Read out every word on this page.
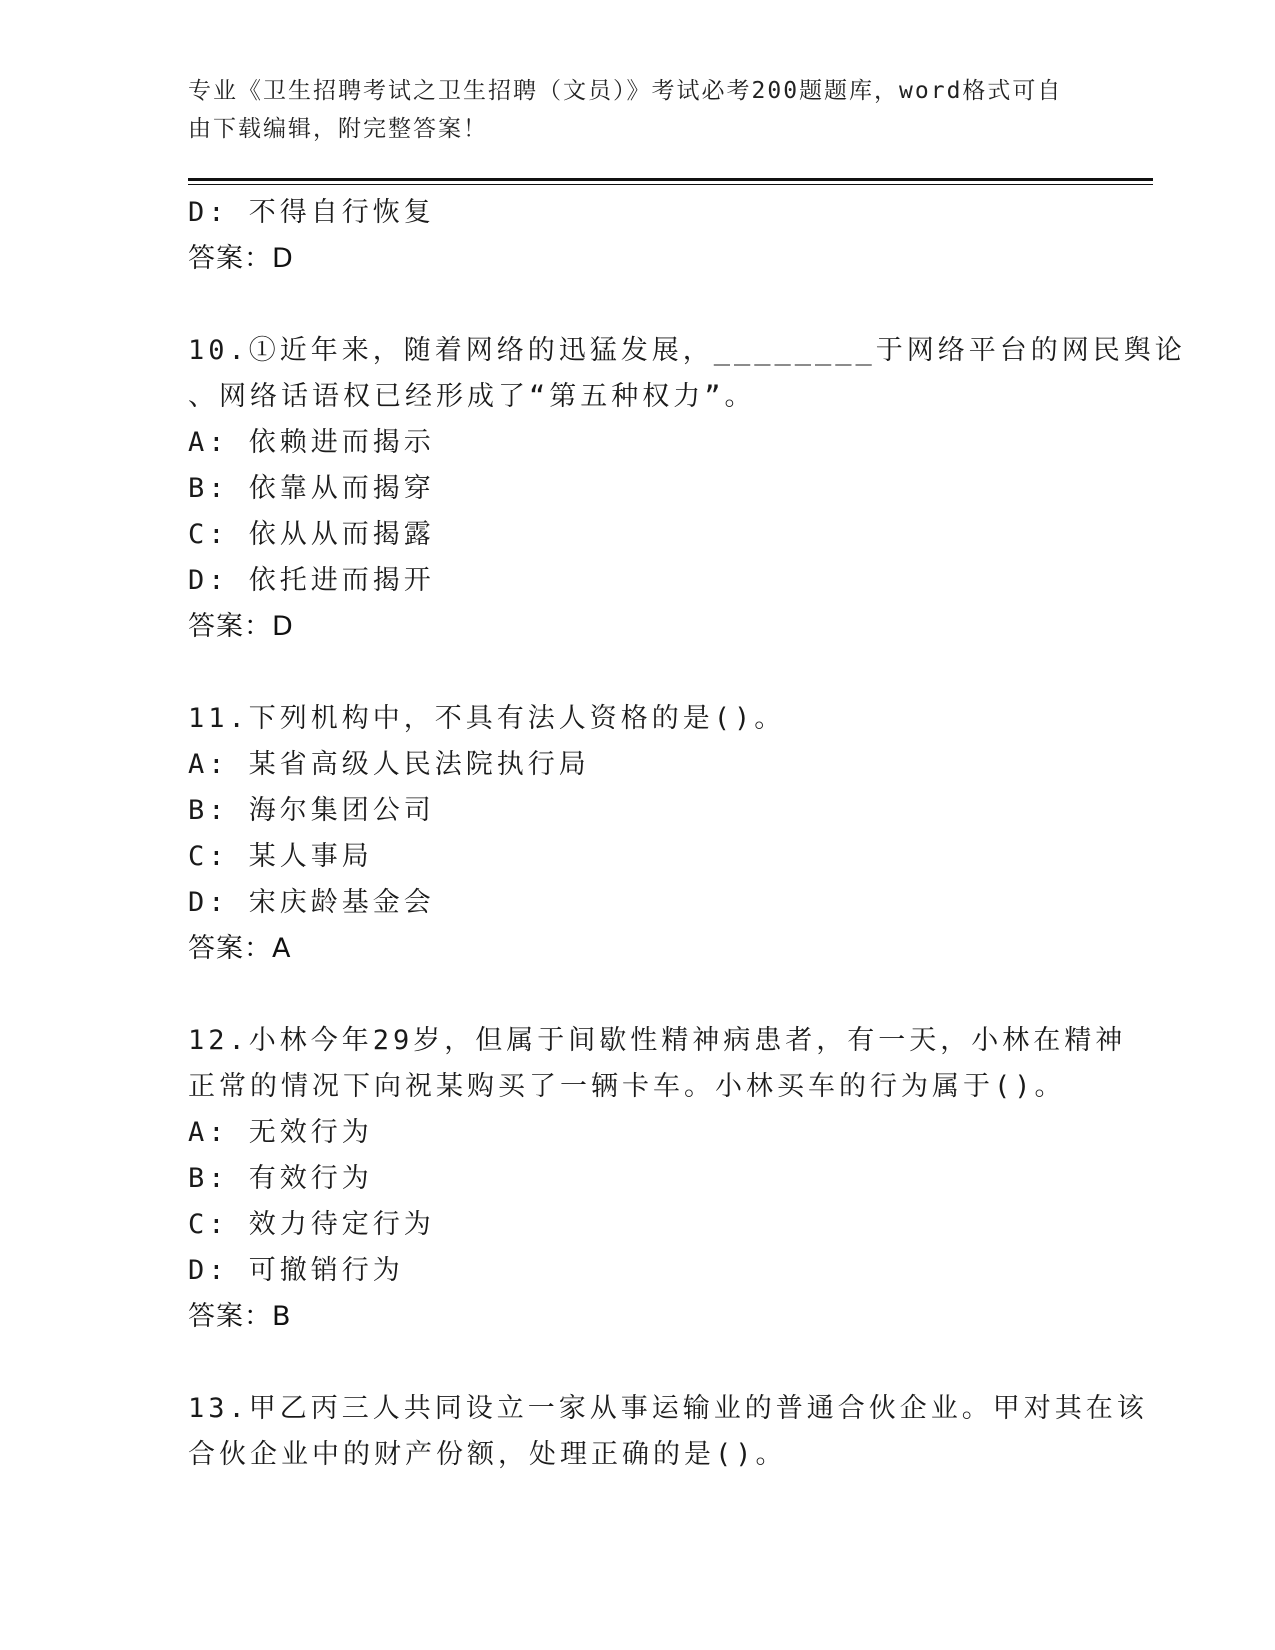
专业《卫生招聘考试之卫生招聘（文员）》考试必考200题题库，word格式可自
由下载编辑，附完整答案！
D: 不得自行恢复
答案：D
10.①近年来，随着网络的迅猛发展，________于网络平台的网民舆论
、网络话语权已经形成了“第五种权力”。
A: 依赖进而揭示
B: 依靠从而揭穿
C: 依从从而揭露
D: 依托进而揭开
答案：D
11.下列机构中，不具有法人资格的是()。
A: 某省高级人民法院执行局
B: 海尔集团公司
C: 某人事局
D: 宋庆龄基金会
答案：A
12.小林今年29岁，但属于间歇性精神病患者，有一天，小林在精神
正常的情况下向祝某购买了一辆卡车。小林买车的行为属于()。
A: 无效行为
B: 有效行为
C: 效力待定行为
D: 可撤销行为
答案：B
13.甲乙丙三人共同设立一家从事运输业的普通合伙企业。甲对其在该
合伙企业中的财产份额，处理正确的是()。
